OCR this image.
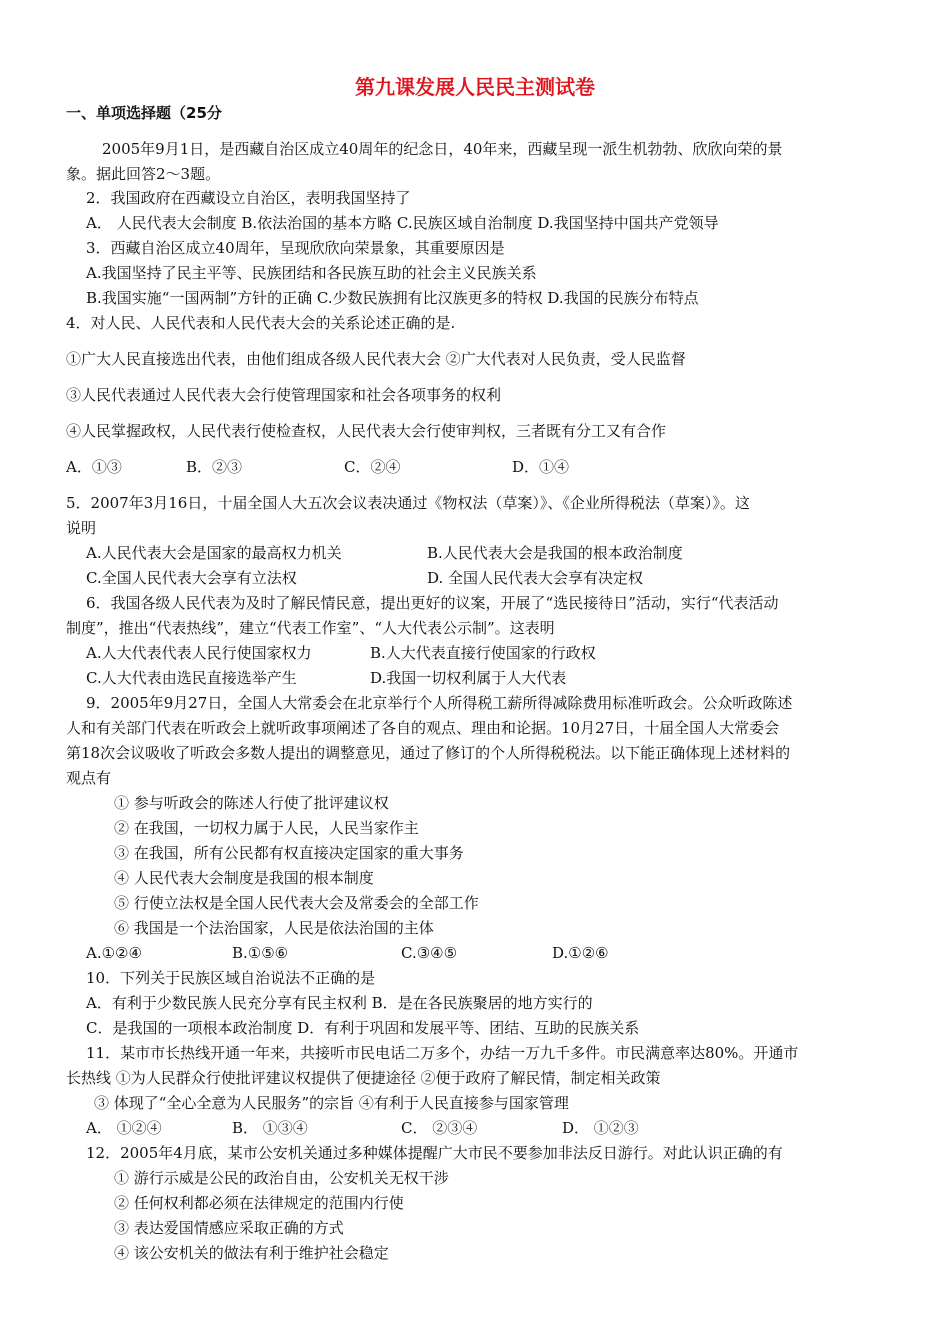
第九课发展人民民主测试卷
一、单项选择题（25分
2005年9月1日，是西藏自治区成立40周年的纪念日，40年来，西藏呈现一派生机勃勃、欣欣向荣的景
象。据此回答2～3题。
2．我国政府在西藏设立自治区，表明我国坚持了
A． 人民代表大会制度 B.依法治国的基本方略 C.民族区域自治制度 D.我国坚持中国共产党领导
3．西藏自治区成立40周年，呈现欣欣向荣景象，其重要原因是
A.我国坚持了民主平等、民族团结和各民族互助的社会主义民族关系
B.我国实施“一国两制”方针的正确 C.少数民族拥有比汉族更多的特权 D.我国的民族分布特点
4．对人民、人民代表和人民代表大会的关系论述正确的是.
①广大人民直接选出代表，由他们组成各级人民代表大会 ②广大代表对人民负责，受人民监督
③人民代表通过人民代表大会行使管理国家和社会各项事务的权利
④人民掌握政权，人民代表行使检查权，人民代表大会行使审判权，三者既有分工又有合作
A．①③	B．②③	C．②④	D．①④
5．2007年3月16日，十届全国人大五次会议表决通过《物权法（草案）》、《企业所得税法（草案）》。这
说明
A.人民代表大会是国家的最高权力机关	B.人民代表大会是我国的根本政治制度
C.全国人民代表大会享有立法权	D. 全国人民代表大会享有决定权
6．我国各级人民代表为及时了解民情民意，提出更好的议案，开展了“选民接待日”活动，实行“代表活动
制度”，推出“代表热线”，建立“代表工作室”、“人大代表公示制”。这表明
A.人大代表代表人民行使国家权力	B.人大代表直接行使国家的行政权
C.人大代表由选民直接选举产生	D.我国一切权利属于人大代表
9．2005年9月27日，全国人大常委会在北京举行个人所得税工薪所得减除费用标准听政会。公众听政陈述
人和有关部门代表在听政会上就听政事项阐述了各自的观点、理由和论据。10月27日，十届全国人大常委会
第18次会议吸收了听政会多数人提出的调整意见，通过了修订的个人所得税税法。以下能正确体现上述材料的
观点有
① 参与听政会的陈述人行使了批评建议权
② 在我国，一切权力属于人民，人民当家作主
③ 在我国，所有公民都有权直接决定国家的重大事务
④ 人民代表大会制度是我国的根本制度
⑤ 行使立法权是全国人民代表大会及常委会的全部工作
⑥ 我国是一个法治国家，人民是依法治国的主体
A.①②④	B.①⑤⑥	C.③④⑤	D.①②⑥
10．下列关于民族区域自治说法不正确的是
A．有利于少数民族人民充分享有民主权利 B．是在各民族聚居的地方实行的
C．是我国的一项根本政治制度 D．有利于巩固和发展平等、团结、互助的民族关系
11．某市市长热线开通一年来，共接听市民电话二万多个，办结一万九千多件。市民满意率达80%。开通市
长热线 ①为人民群众行使批评建议权提供了便捷途径 ②便于政府了解民情，制定相关政策
③ 体现了“全心全意为人民服务”的宗旨 ④有利于人民直接参与国家管理
A． ①②④	B． ①③④	C． ②③④	D． ①②③
12．2005年4月底，某市公安机关通过多种媒体提醒广大市民不要参加非法反日游行。对此认识正确的有
① 游行示威是公民的政治自由，公安机关无权干涉
② 任何权利都必须在法律规定的范围内行使
③ 表达爱国情感应采取正确的方式
④ 该公安机关的做法有利于维护社会稳定
